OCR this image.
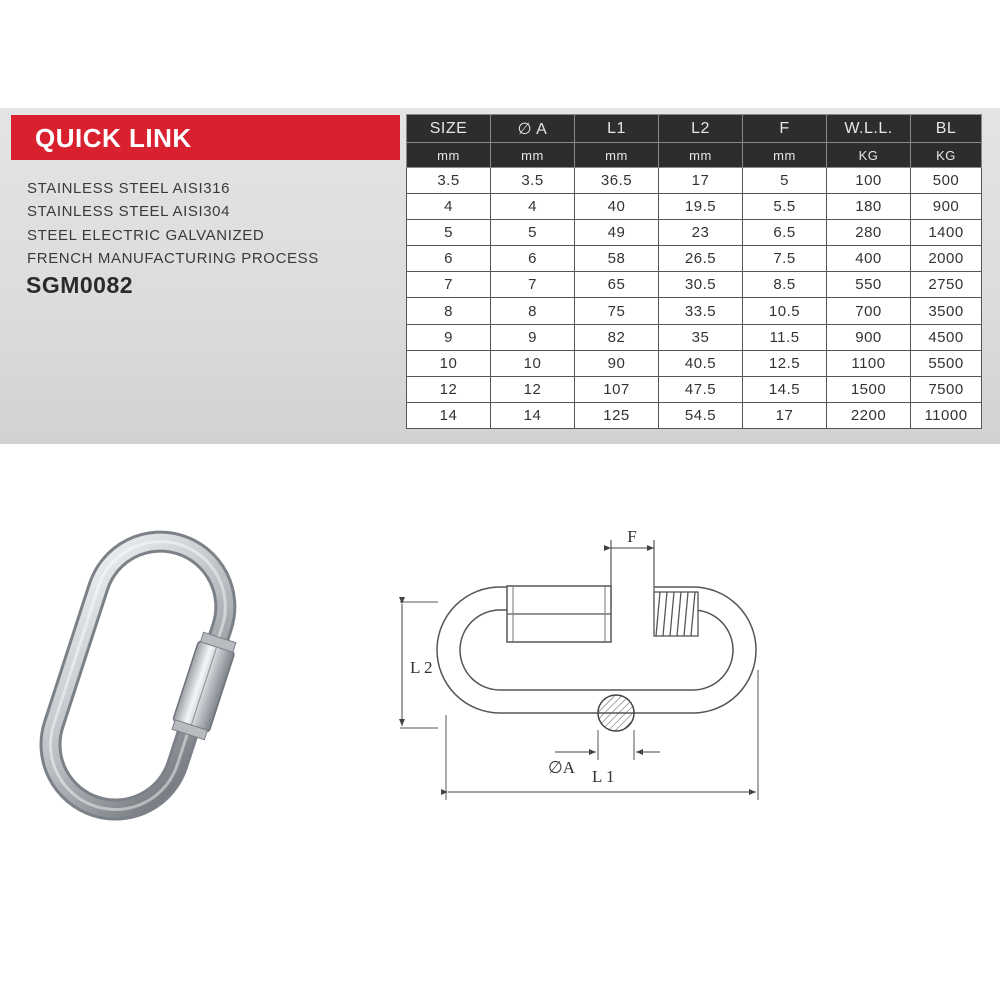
QUICK LINK
STAINLESS STEEL AISI316
STAINLESS STEEL AISI304
STEEL ELECTRIC GALVANIZED
FRENCH MANUFACTURING PROCESS
SGM0082
SIZE	∅ A	L1	L2	F	W.L.L.	BL
mm	mm	mm	mm	mm	KG	KG
3.5	3.5	36.5	17	5	100	500
4	4	40	19.5	5.5	180	900
5	5	49	23	6.5	280	1400
6	6	58	26.5	7.5	400	2000
7	7	65	30.5	8.5	550	2750
8	8	75	33.5	10.5	700	3500
9	9	82	35	11.5	900	4500
10	10	90	40.5	12.5	1100	5500
12	12	107	47.5	14.5	1500	7500
14	14	125	54.5	17	2200	11000
F
L 2
L 1
∅A
